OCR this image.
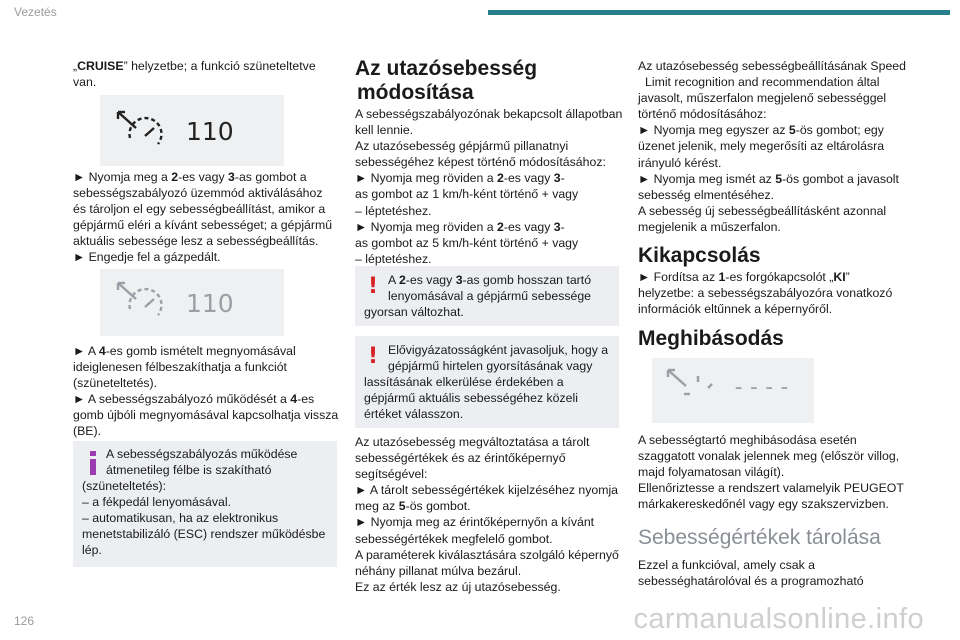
Vezetés

„CRUISE” helyzetbe; a funkció szüneteltetve van.

110
► Nyomja meg a 2-es vagy 3-as gombot a
sebességszabályozó üzemmód aktiválásához
és tároljon el egy sebességbeállítást, amikor a
gépjármű eléri a kívánt sebességet; a gépjármű
aktuális sebessége lesz a sebességbeállítás.
► Engedje fel a gázpedált.
110
► A 4-es gomb ismételt megnyomásával
ideiglenesen félbeszakíthatja a funkciót
(szüneteltetés).
► A sebességszabályozó működését a 4-es
gomb újbóli megnyomásával kapcsolhatja vissza
(BE).
A sebességszabályozás működése
átmenetileg félbe is szakítható
(szüneteltetés):
– a fékpedál lenyomásával.
– automatikusan, ha az elektronikus
menetstabilizáló (ESC) rendszer működésbe
lép.
Az utazósebesség
módosítása
A sebességszabályozónak bekapcsolt állapotban
kell lennie.
Az utazósebesség gépjármű pillanatnyi
sebességéhez képest történő módosításához:
► Nyomja meg röviden a 2-es vagy 3-
as gombot az 1 km/h-ként történő + vagy
– léptetéshez.
► Nyomja meg röviden a 2-es vagy 3-
as gombot az 5 km/h-ként történő + vagy
– léptetéshez.
! A 2-es vagy 3-as gomb hosszan tartó
lenyomásával a gépjármű sebessége
gyorsan változhat.
! Elővigyázatosságként javasoljuk, hogy a
gépjármű hirtelen gyorsításának vagy
lassításának elkerülése érdekében a
gépjármű aktuális sebességéhez közeli
értéket válasszon.
Az utazósebesség megváltoztatása a tárolt
sebességértékek és az érintőképernyő
segítségével:
► A tárolt sebességértékek kijelzéséhez nyomja
meg az 5-ös gombot.
► Nyomja meg az érintőképernyőn a kívánt
sebességértékek megfelelő gombot.
A paraméterek kiválasztására szolgáló képernyő
néhány pillanat múlva bezárul.
Ez az érték lesz az új utazósebesség.
Az utazósebesség sebességbeállításának Speed
Limit recognition and recommendation által
javasolt, műszerfalon megjelenő sebességgel
történő módosításához:
► Nyomja meg egyszer az 5-ös gombot; egy
üzenet jelenik, mely megerősíti az eltárolásra
irányuló kérést.
► Nyomja meg ismét az 5-ös gombot a javasolt
sebesség elmentéséhez.
A sebesség új sebességbeállításként azonnal
megjelenik a műszerfalon.
Kikapcsolás
► Fordítsa az 1-es forgókapcsolót „KI”
helyzetbe: a sebességszabályozóra vonatkozó
információk eltűnnek a képernyőről.
Meghibásodás
----
A sebességtartó meghibásodása esetén
szaggatott vonalak jelennek meg (először villog,
majd folyamatosan világít).
Ellenőriztesse a rendszert valamelyik PEUGEOT
márkakereskedőnél vagy egy szakszervizben.
Sebességértékek tárolása
Ezzel a funkcióval, amely csak a
sebességhatárolóval és a programozható
126	carmanualsonline.info
